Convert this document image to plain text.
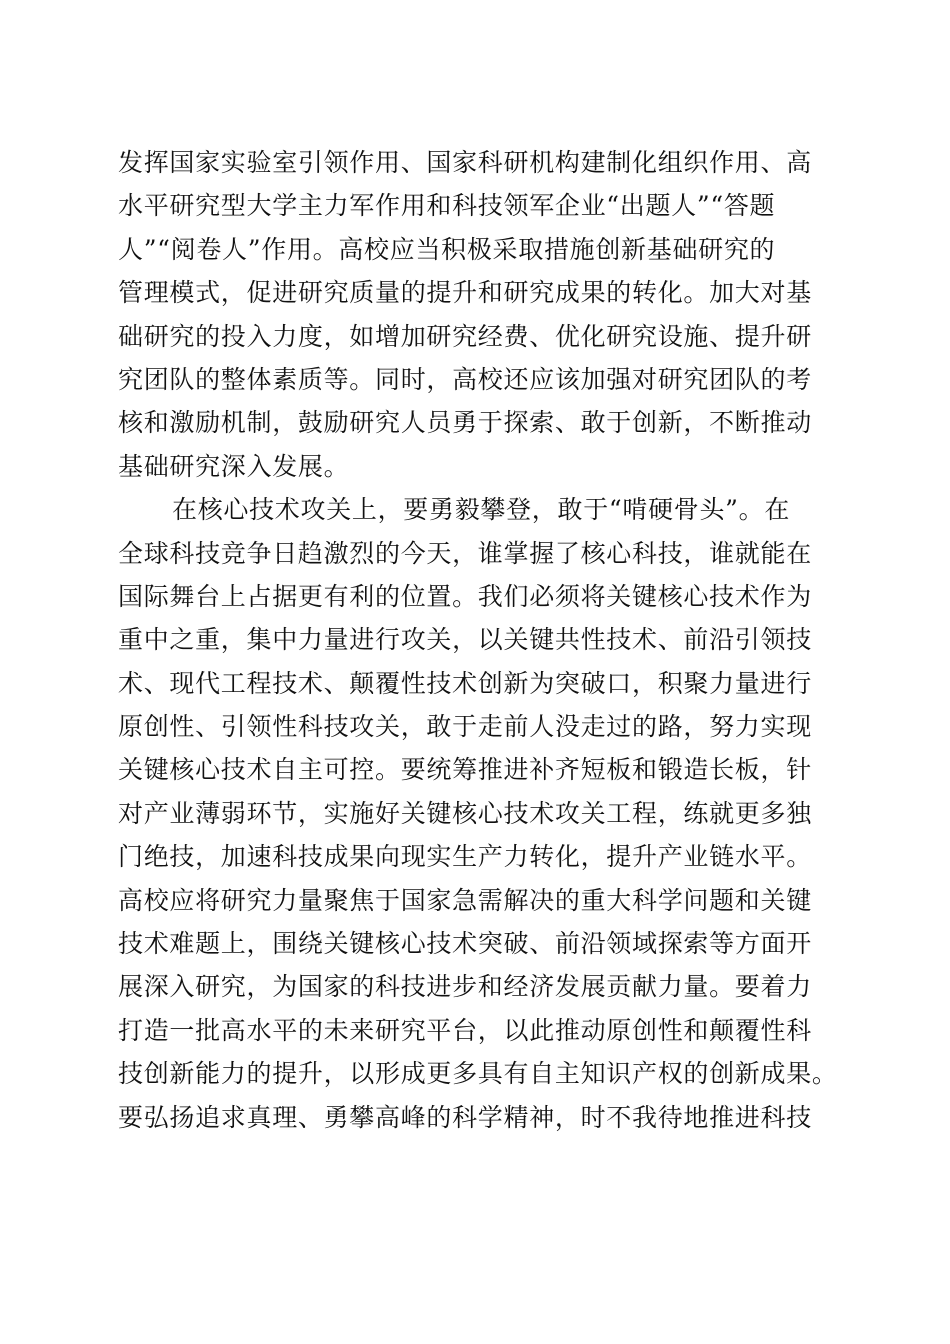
发挥国家实验室引领作用、国家科研机构建制化组织作用、高
水平研究型大学主力军作用和科技领军企业“出题人”“答题
人”“阅卷人”作用。高校应当积极采取措施创新基础研究的
管理模式，促进研究质量的提升和研究成果的转化。加大对基
础研究的投入力度，如增加研究经费、优化研究设施、提升研
究团队的整体素质等。同时，高校还应该加强对研究团队的考
核和激励机制，鼓励研究人员勇于探索、敢于创新，不断推动
基础研究深入发展。
在核心技术攻关上，要勇毅攀登，敢于“啃硬骨头”。在
全球科技竞争日趋激烈的今天，谁掌握了核心科技，谁就能在
国际舞台上占据更有利的位置。我们必须将关键核心技术作为
重中之重，集中力量进行攻关，以关键共性技术、前沿引领技
术、现代工程技术、颠覆性技术创新为突破口，积聚力量进行
原创性、引领性科技攻关，敢于走前人没走过的路，努力实现
关键核心技术自主可控。要统筹推进补齐短板和锻造长板，针
对产业薄弱环节，实施好关键核心技术攻关工程，练就更多独
门绝技，加速科技成果向现实生产力转化，提升产业链水平。
高校应将研究力量聚焦于国家急需解决的重大科学问题和关键
技术难题上，围绕关键核心技术突破、前沿领域探索等方面开
展深入研究，为国家的科技进步和经济发展贡献力量。要着力
打造一批高水平的未来研究平台，以此推动原创性和颠覆性科
技创新能力的提升，以形成更多具有自主知识产权的创新成果。
要弘扬追求真理、勇攀高峰的科学精神，时不我待地推进科技
